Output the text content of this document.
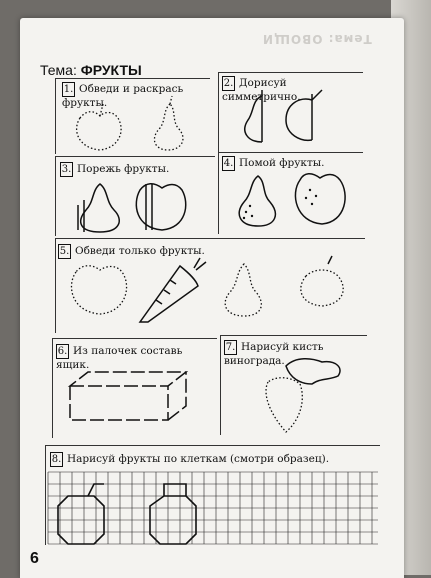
Тема: ОВОЩИ
Тема: ФРУКТЫ
1. Обведи и раскрась фрукты.
2. Дорисуй симметрично.
3. Порежь фрукты.	4. Помой фрукты.
5. Обведи только фрукты.
6. Из палочек составь ящик.
7. Нарисуй кисть винограда.
8. Нарисуй фрукты по клеткам (смотри образец).
6
